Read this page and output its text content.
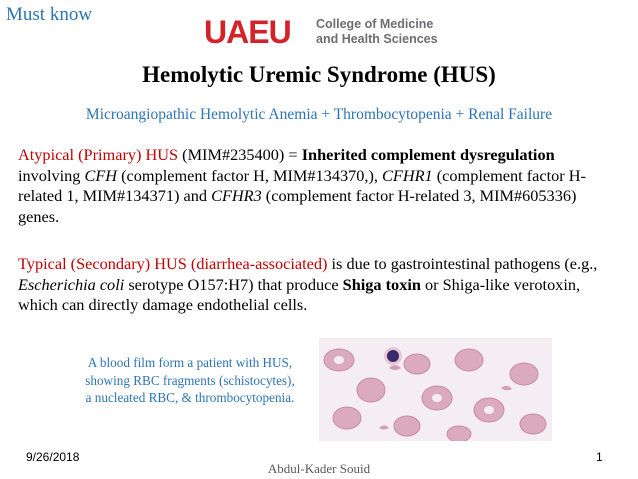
Must know	UAEU College of Medicine
and Health Sciences
Hemolytic Uremic Syndrome (HUS)
Microangiopathic Hemolytic Anemia + Thrombocytopenia + Renal Failure
Atypical (Primary) HUS (MIM#235400) = Inherited complement dysregulation involving CFH (complement factor H, MIM#134370,), CFHR1 (complement factor H-related 1, MIM#134371) and CFHR3 (complement factor H-related 3, MIM#605336) genes.
Typical (Secondary) HUS (diarrhea-associated) is due to gastrointestinal pathogens (e.g., Escherichia coli serotype O157:H7) that produce Shiga toxin or Shiga-like verotoxin, which can directly damage endothelial cells.
A blood film form a patient with HUS,
showing RBC fragments (schistocytes),
a nucleated RBC, & thrombocytopenia.
9/26/2018
Abdul-Kader Souid
1
